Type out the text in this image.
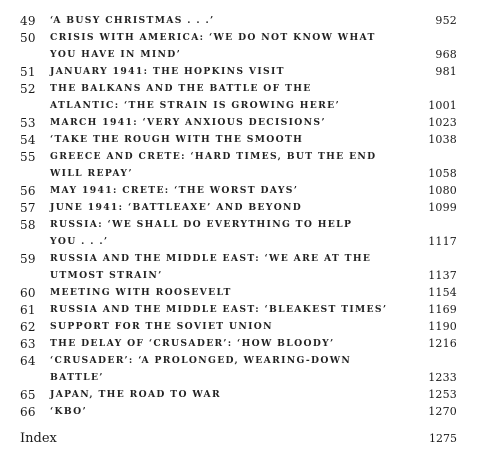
49 ‘A BUSY CHRISTMAS . . .’	952
50 CRISIS WITH AMERICA: ‘WE DO NOT KNOW WHAT
YOU HAVE IN MIND’	968
51 JANUARY 1941: THE HOPKINS VISIT	981
52 THE BALKANS AND THE BATTLE OF THE
ATLANTIC: ‘THE STRAIN IS GROWING HERE’	1001
53 MARCH 1941: ‘VERY ANXIOUS DECISIONS’	1023
54 ‘TAKE THE ROUGH WITH THE SMOOTH	1038
55 GREECE AND CRETE: ‘HARD TIMES, BUT THE END
WILL REPAY’	1058
56 MAY 1941: CRETE: ‘THE WORST DAYS’	1080
57 JUNE 1941: ‘BATTLEAXE’ AND BEYOND	1099
58 RUSSIA: ‘WE SHALL DO EVERYTHING TO HELP
YOU . . .’	1117
59 RUSSIA AND THE MIDDLE EAST: ‘WE ARE AT THE
UTMOST STRAIN’	1137
60 MEETING WITH ROOSEVELT	1154
61 RUSSIA AND THE MIDDLE EAST: ‘BLEAKEST TIMES’	1169
62 SUPPORT FOR THE SOVIET UNION	1190
63 THE DELAY OF ‘CRUSADER’: ‘HOW BLOODY’	1216
64 ‘CRUSADER’: ‘A PROLONGED, WEARING-DOWN
BATTLE’	1233
65 JAPAN, THE ROAD TO WAR	1253
66 ‘KBO’	1270
Index	1275
